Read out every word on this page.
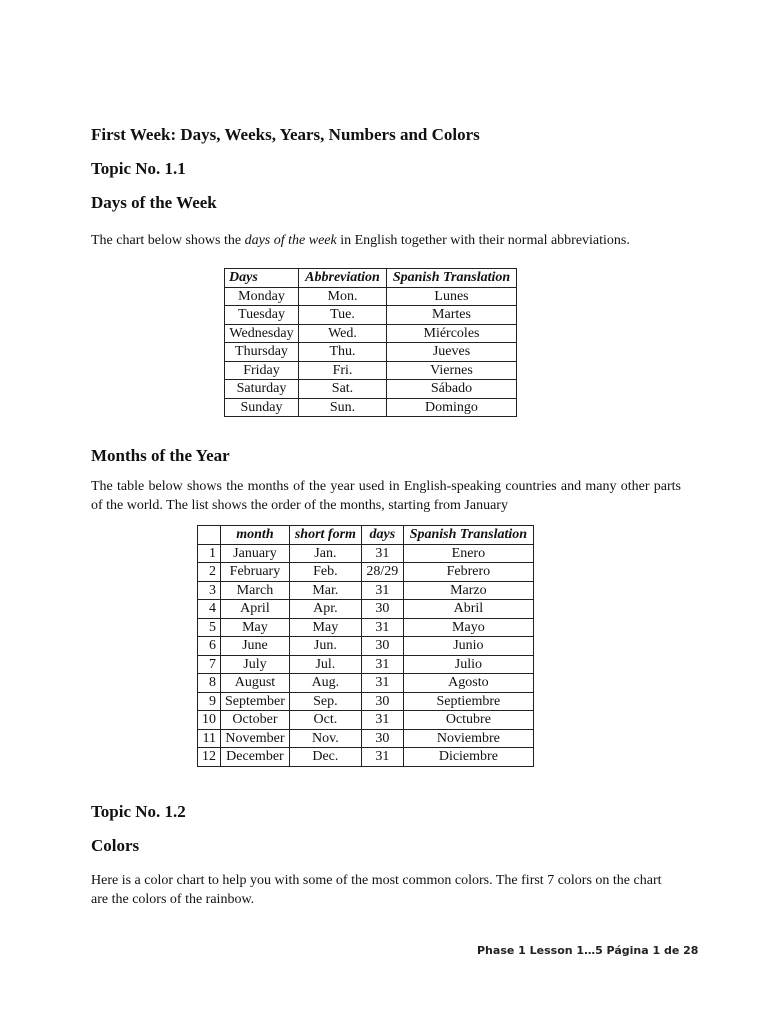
First Week: Days, Weeks, Years, Numbers and Colors
Topic No. 1.1
Days of the Week

The chart below shows the days of the week in English together with their normal abbreviations.

Days	Abbreviation	Spanish Translation
Monday	Mon.	Lunes
Tuesday	Tue.	Martes
Wednesday	Wed.	Miércoles
Thursday	Thu.	Jueves
Friday	Fri.	Viernes
Saturday	Sat.	Sábado
Sunday	Sun.	Domingo
Months of the Year

The table below shows the months of the year used in English-speaking countries and many other parts of the world. The list shows the order of the months, starting from January

	month	short form	days	Spanish Translation
1	January	Jan.	31	Enero
2	February	Feb.	28/29	Febrero
3	March	Mar.	31	Marzo
4	April	Apr.	30	Abril
5	May	May	31	Mayo
6	June	Jun.	30	Junio
7	July	Jul.	31	Julio
8	August	Aug.	31	Agosto
9	September	Sep.	30	Septiembre
10	October	Oct.	31	Octubre
11	November	Nov.	30	Noviembre
12	December	Dec.	31	Diciembre
Topic No. 1.2
Colors

Here is a color chart to help you with some of the most common colors. The first 7 colors on the chart are the colors of the rainbow.

Phase 1 Lesson 1…5 Página 1 de 28
